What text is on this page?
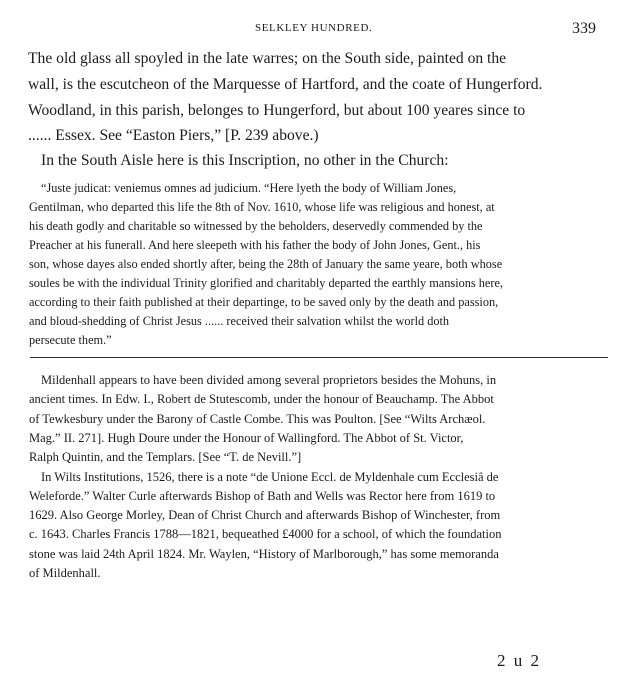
SELKLEY HUNDRED.	339
The old glass all spoyled in the late warres; on the South side, painted on the
wall, is the escutcheon of the Marquesse of Hartford, and the coate of Hungerford.
Woodland, in this parish, belonges to Hungerford, but about 100 yeares since to
...... Essex. See “Easton Piers,” [P. 239 above.)
In the South Aisle here is this Inscription, no other in the Church:
“Juste judicat: veniemus omnes ad judicium. “Here lyeth the body of William Jones,
Gentilman, who departed this life the 8th of Nov. 1610, whose life was religious and honest, at
his death godly and charitable so witnessed by the beholders, deservedly commended by the
Preacher at his funerall. And here sleepeth with his father the body of John Jones, Gent., his
son, whose dayes also ended shortly after, being the 28th of January the same yeare, both whose
soules be with the individual Trinity glorified and charitably departed the earthly mansions here,
according to their faith published at their departinge, to be saved only by the death and passion,
and bloud-shedding of Christ Jesus ...... received their salvation whilst the world doth
persecute them.”
Mildenhall appears to have been divided among several proprietors besides the Mohuns, in
ancient times. In Edw. I., Robert de Stutescomb, under the honour of Beauchamp. The Abbot
of Tewkesbury under the Barony of Castle Combe. This was Poulton. [See “Wilts Archæol.
Mag.” II. 271]. Hugh Doure under the Honour of Wallingford. The Abbot of St. Victor,
Ralph Quintin, and the Templars. [See “T. de Nevill.”]
In Wilts Institutions, 1526, there is a note “de Unione Eccl. de Myldenhale cum Ecclesiâ de
Weleforde.” Walter Curle afterwards Bishop of Bath and Wells was Rector here from 1619 to
1629. Also George Morley, Dean of Christ Church and afterwards Bishop of Winchester, from
c. 1643. Charles Francis 1788—1821, bequeathed £4000 for a school, of which the foundation
stone was laid 24th April 1824. Mr. Waylen, “History of Marlborough,” has some memoranda
of Mildenhall.
2 u 2
